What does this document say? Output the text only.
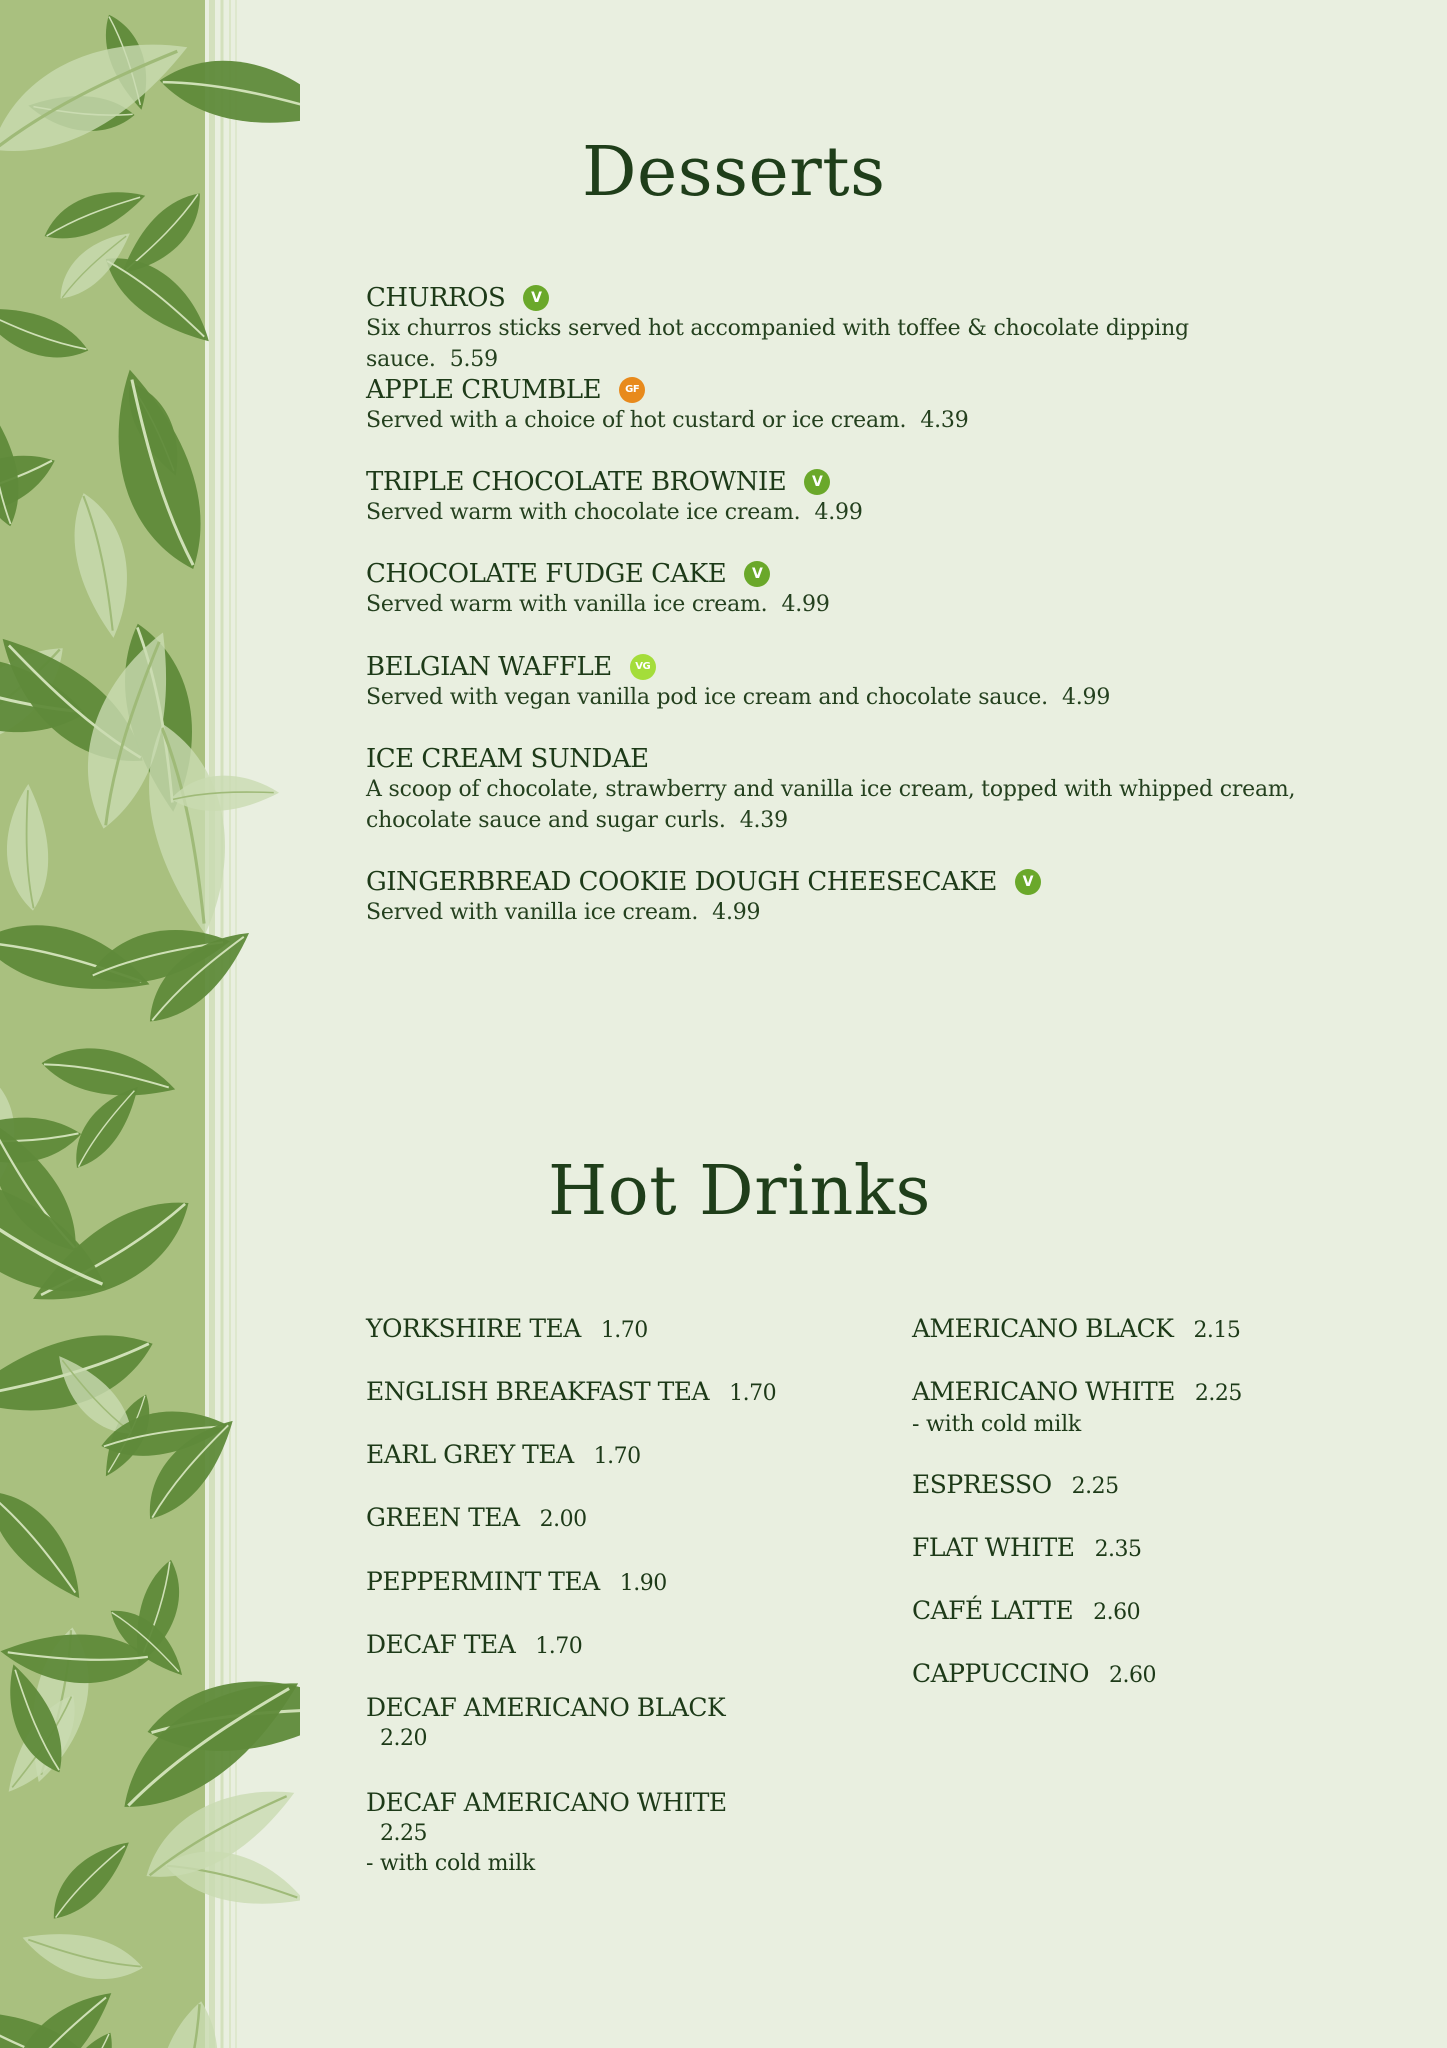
Desserts
CHURROS	V
Six churros sticks served hot accompanied with toffee & chocolate dipping sauce. 5.59
APPLE CRUMBLE	GF
Served with a choice of hot custard or ice cream. 4.39
TRIPLE CHOCOLATE BROWNIE	V
Served warm with chocolate ice cream. 4.99
CHOCOLATE FUDGE CAKE	V
Served warm with vanilla ice cream. 4.99
BELGIAN WAFFLE	VG
Served with vegan vanilla pod ice cream and chocolate sauce. 4.99
ICE CREAM SUNDAE
A scoop of chocolate, strawberry and vanilla ice cream, topped with whipped cream, chocolate sauce and sugar curls. 4.39
GINGERBREAD COOKIE DOUGH CHEESECAKE	V
Served with vanilla ice cream. 4.99
Hot Drinks
YORKSHIRE TEA 1.70
ENGLISH BREAKFAST TEA 1.70
EARL GREY TEA 1.70
GREEN TEA 2.00
PEPPERMINT TEA 1.90
DECAF TEA 1.70
DECAF AMERICANO BLACK
2.20
DECAF AMERICANO WHITE
2.25
- with cold milk
AMERICANO BLACK 2.15
AMERICANO WHITE 2.25
- with cold milk
ESPRESSO 2.25
FLAT WHITE 2.35
CAFÉ LATTE 2.60
CAPPUCCINO 2.60
